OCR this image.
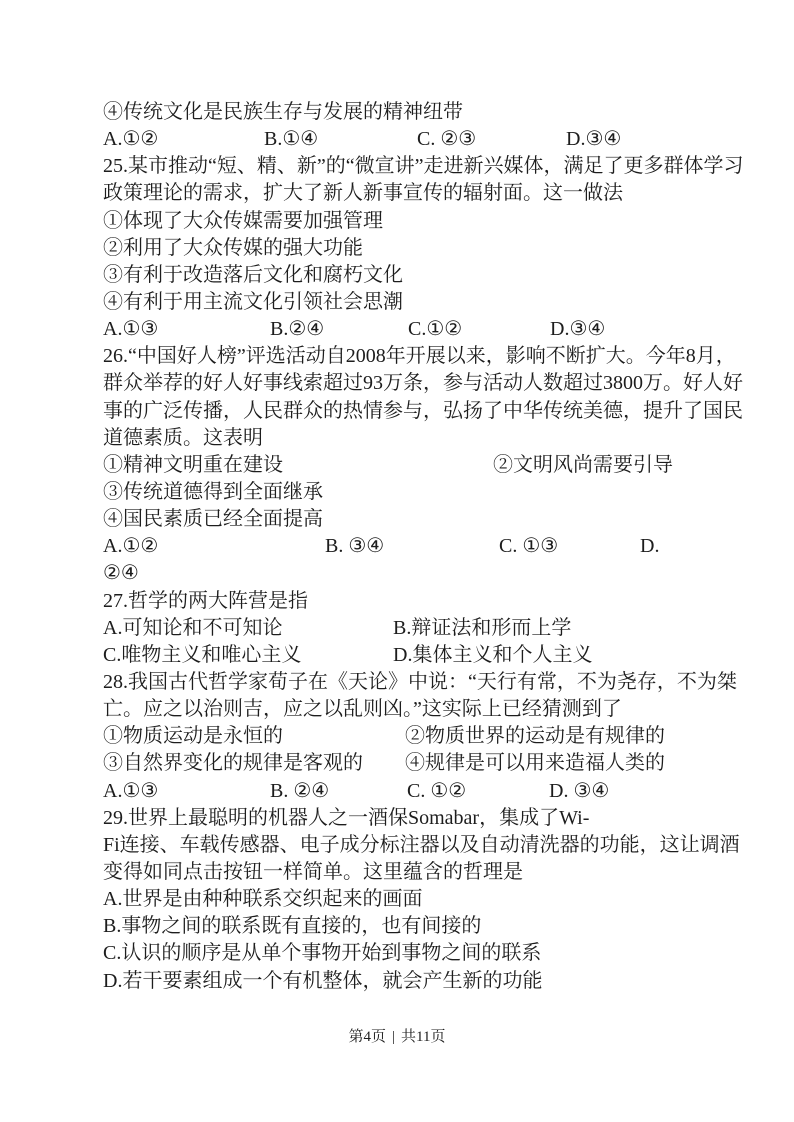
④传统文化是民族生存与发展的精神纽带
A.①②	B.①④	C. ②③	D.③④
25.某市推动“短、精、新”的“微宣讲”走进新兴媒体，满足了更多群体学习
政策理论的需求，扩大了新人新事宣传的辐射面。这一做法
①体现了大众传媒需要加强管理
②利用了大众传媒的强大功能
③有利于改造落后文化和腐朽文化
④有利于用主流文化引领社会思潮
A.①③	B.②④	C.①②	D.③④
26.“中国好人榜”评选活动自2008年开展以来，影响不断扩大。今年8月，
群众举荐的好人好事线索超过93万条，参与活动人数超过3800万。好人好
事的广泛传播，人民群众的热情参与，弘扬了中华传统美德，提升了国民
道德素质。这表明
①精神文明重在建设	②文明风尚需要引导
③传统道德得到全面继承
④国民素质已经全面提高
A.①②	B. ③④	C. ①③	D.
②④
27.哲学的两大阵营是指
A.可知论和不可知论	B.辩证法和形而上学
C.唯物主义和唯心主义	D.集体主义和个人主义
28.我国古代哲学家荀子在《天论》中说：“天行有常，不为尧存，不为桀
亡。应之以治则吉，应之以乱则凶。”这实际上已经猜测到了
①物质运动是永恒的	②物质世界的运动是有规律的
③自然界变化的规律是客观的 ④规律是可以用来造福人类的
A.①③	B. ②④	C. ①②	D. ③④
29.世界上最聪明的机器人之一酒保Somabar，集成了Wi-
Fi连接、车载传感器、电子成分标注器以及自动清洗器的功能，这让调酒
变得如同点击按钮一样简单。这里蕴含的哲理是
A.世界是由种种联系交织起来的画面
B.事物之间的联系既有直接的，也有间接的
C.认识的顺序是从单个事物开始到事物之间的联系
D.若干要素组成一个有机整体，就会产生新的功能
第4页 | 共11页
